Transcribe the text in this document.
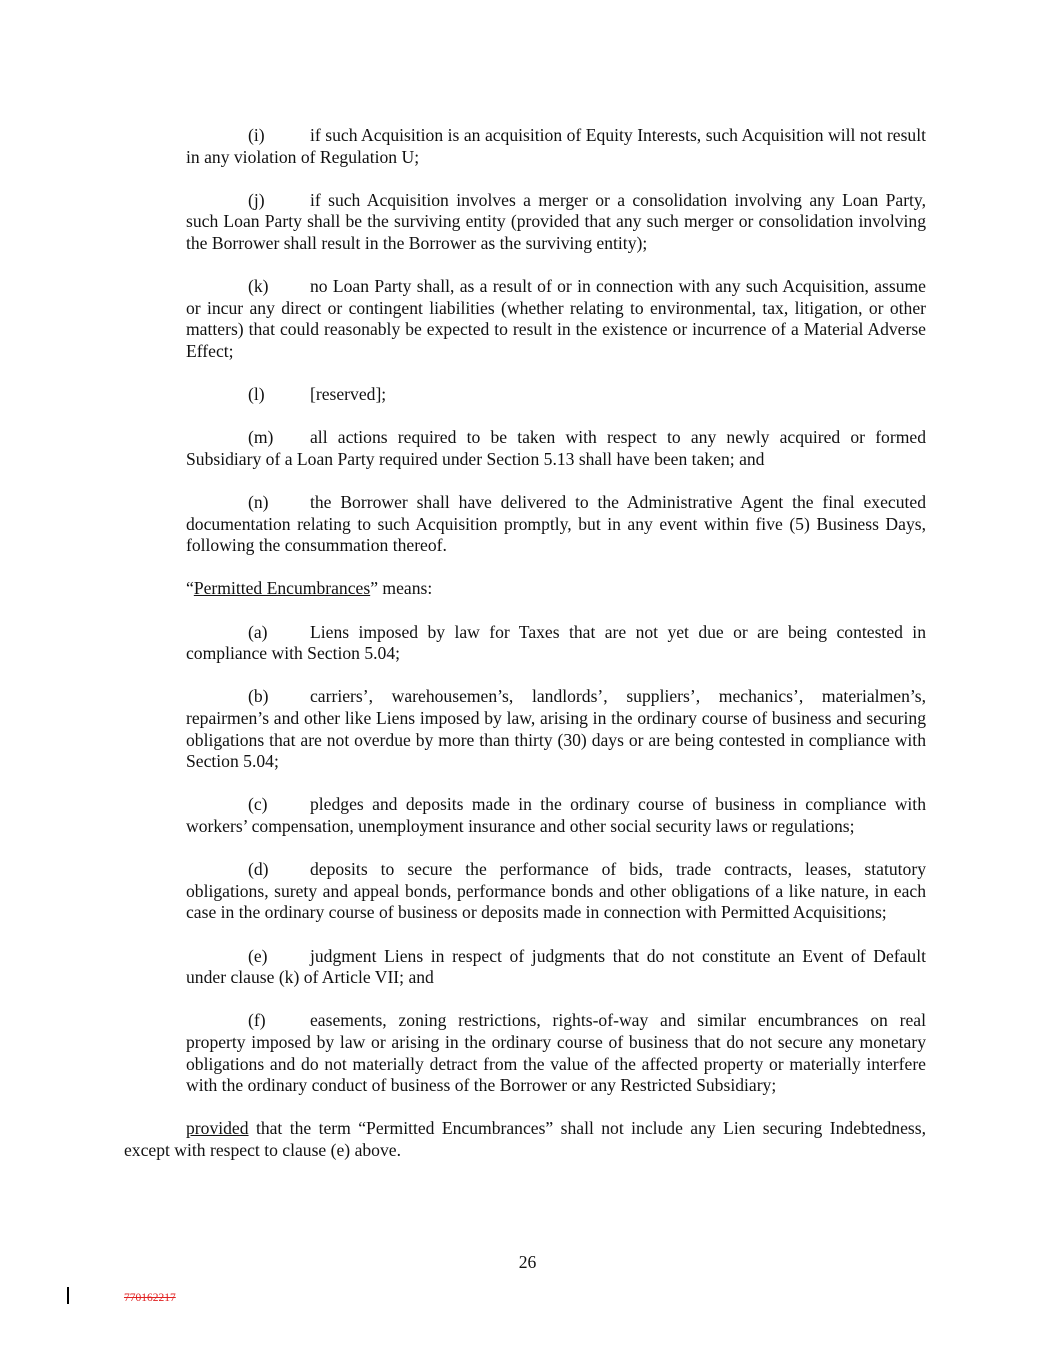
(i)	if such Acquisition is an acquisition of Equity Interests, such Acquisition will not result in any violation of Regulation U;

(j)	if such Acquisition involves a merger or a consolidation involving any Loan Party, such Loan Party shall be the surviving entity (provided that any such merger or consolidation involving the Borrower shall result in the Borrower as the surviving entity);

(k) no Loan Party shall, as a result of or in connection with any such Acquisition, assume or incur any direct or contingent liabilities (whether relating to environmental, tax, litigation, or other matters) that could reasonably be expected to result in the existence or incurrence of a Material Adverse Effect;

(l)	[reserved];

(m) all actions required to be taken with respect to any newly acquired or formed Subsidiary of a Loan Party required under Section 5.13 shall have been taken; and

(n) the Borrower shall have delivered to the Administrative Agent the final executed documentation relating to such Acquisition promptly, but in any event within five (5) Business Days, following the consummation thereof.

“Permitted Encumbrances” means:

(a) Liens imposed by law for Taxes that are not yet due or are being contested in compliance with Section 5.04;

(b) carriers’, warehousemen’s, landlords’, suppliers’, mechanics’, materialmen’s, repairmen’s and other like Liens imposed by law, arising in the ordinary course of business and securing obligations that are not overdue by more than thirty (30) days or are being contested in compliance with Section 5.04;

(c) pledges and deposits made in the ordinary course of business in compliance with workers’ compensation, unemployment insurance and other social security laws or regulations;

(d) deposits to secure the performance of bids, trade contracts, leases, statutory obligations, surety and appeal bonds, performance bonds and other obligations of a like nature, in each case in the ordinary course of business or deposits made in connection with Permitted Acquisitions;

(e) judgment Liens in respect of judgments that do not constitute an Event of Default under clause (k) of Article VII; and

(f)	easements, zoning restrictions, rights-of-way and similar encumbrances on real property imposed by law or arising in the ordinary course of business that do not secure any monetary obligations and do not materially detract from the value of the affected property or materially interfere with the ordinary conduct of business of the Borrower or any Restricted Subsidiary;

provided that the term “Permitted Encumbrances” shall not include any Lien securing Indebtedness, except with respect to clause (e) above.

26
770162217
